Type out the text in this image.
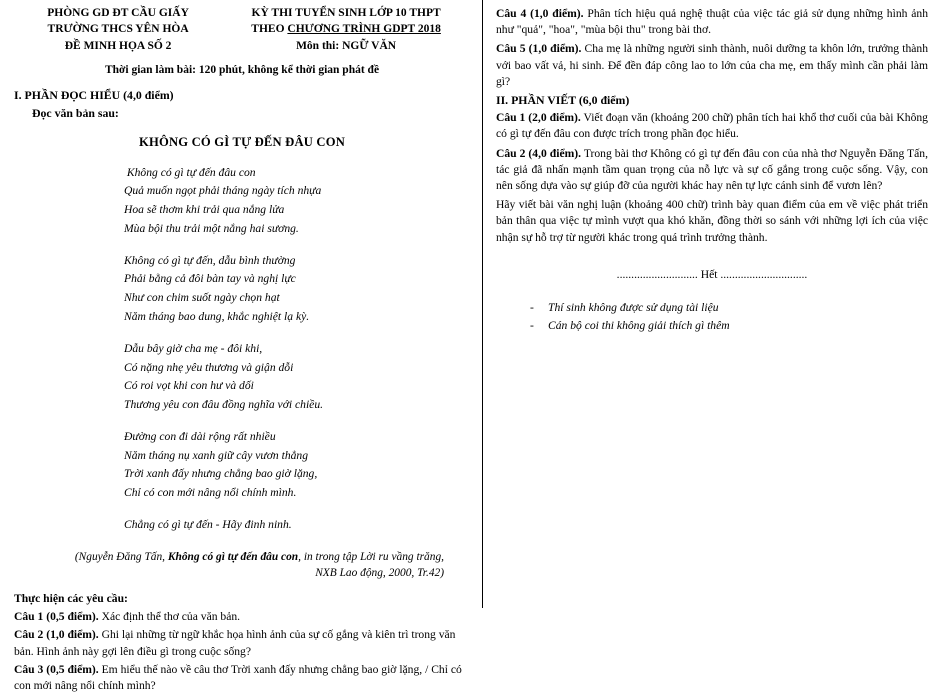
PHÒNG GD ĐT CẦU GIẤY
TRƯỜNG THCS YÊN HÒA
KỲ THI TUYỂN SINH LỚP 10 THPT
THEO CHƯƠNG TRÌNH GDPT 2018
ĐỀ MINH HỌA SỐ 2	Môn thi: NGỮ VĂN
Thời gian làm bài: 120 phút, không kể thời gian phát đề
I. PHẦN ĐỌC HIỂU (4,0 điểm)
Đọc văn bản sau:
KHÔNG CÓ GÌ TỰ ĐẾN ĐÂU CON
Không có gì tự đến đâu con
Quả muốn ngọt phải tháng ngày tích nhựa
Hoa sẽ thơm khi trải qua nắng lửa
Mùa bội thu trải một nắng hai sương.
Không có gì tự đến, dẫu bình thường
Phải bằng cả đôi bàn tay và nghị lực
Như con chim suốt ngày chọn hạt
Năm tháng bao dung, khắc nghiệt lạ kỳ.
Dẫu bây giờ cha mẹ - đôi khi,
Có nặng nhẹ yêu thương và giận dỗi
Có roi vọt khi con hư và dối
Thương yêu con đâu đồng nghĩa với chiều.
Đường con đi dài rộng rất nhiều
Năm tháng nụ xanh giữ cây vươn thẳng
Trời xanh đấy nhưng chẳng bao giờ lặng,
Chỉ có con mới nâng nổi chính mình.
Chẳng có gì tự đến - Hãy đinh ninh.
(Nguyễn Đăng Tấn, Không có gì tự đến đâu con, in trong tập Lời ru vầng trăng,
NXB Lao động, 2000, Tr.42)
Thực hiện các yêu cầu:
Câu 1 (0,5 điểm). Xác định thể thơ của văn bản.
Câu 2 (1,0 điểm). Ghi lại những từ ngữ khắc họa hình ảnh của sự cố gắng và kiên trì trong văn bản. Hình ảnh này gợi lên điều gì trong cuộc sống?
Câu 3 (0,5 điểm). Em hiểu thế nào về câu thơ Trời xanh đấy nhưng chẳng bao giờ lặng, / Chỉ có con mới nâng nổi chính mình?
Câu 4 (1,0 điểm). Phân tích hiệu quả nghệ thuật của việc tác giả sử dụng những hình ảnh như "quả", "hoa", "mùa bội thu" trong bài thơ.
Câu 5 (1,0 điểm). Cha mẹ là những người sinh thành, nuôi dưỡng ta khôn lớn, trưởng thành với bao vất vả, hi sinh. Để đền đáp công lao to lớn của cha mẹ, em thấy mình cần phải làm gì?
II. PHẦN VIẾT (6,0 điểm)
Câu 1 (2,0 điểm). Viết đoạn văn (khoảng 200 chữ) phân tích hai khổ thơ cuối của bài Không có gì tự đến đâu con được trích trong phần đọc hiểu.
Câu 2 (4,0 điểm). Trong bài thơ Không có gì tự đến đâu con của nhà thơ Nguyễn Đăng Tấn, tác giả đã nhấn mạnh tầm quan trọng của nỗ lực và sự cố gắng trong cuộc sống. Vậy, con nên sống dựa vào sự giúp đỡ của người khác hay nên tự lực cánh sinh để vươn lên?
Hãy viết bài văn nghị luận (khoảng 400 chữ) trình bày quan điểm của em về việc phát triển bản thân qua việc tự mình vượt qua khó khăn, đồng thời so sánh với những lợi ích của việc nhận sự hỗ trợ từ người khác trong quá trình trưởng thành.
............................ Hết ..............................
-	Thí sinh không được sử dụng tài liệu
-	Cán bộ coi thi không giải thích gì thêm
